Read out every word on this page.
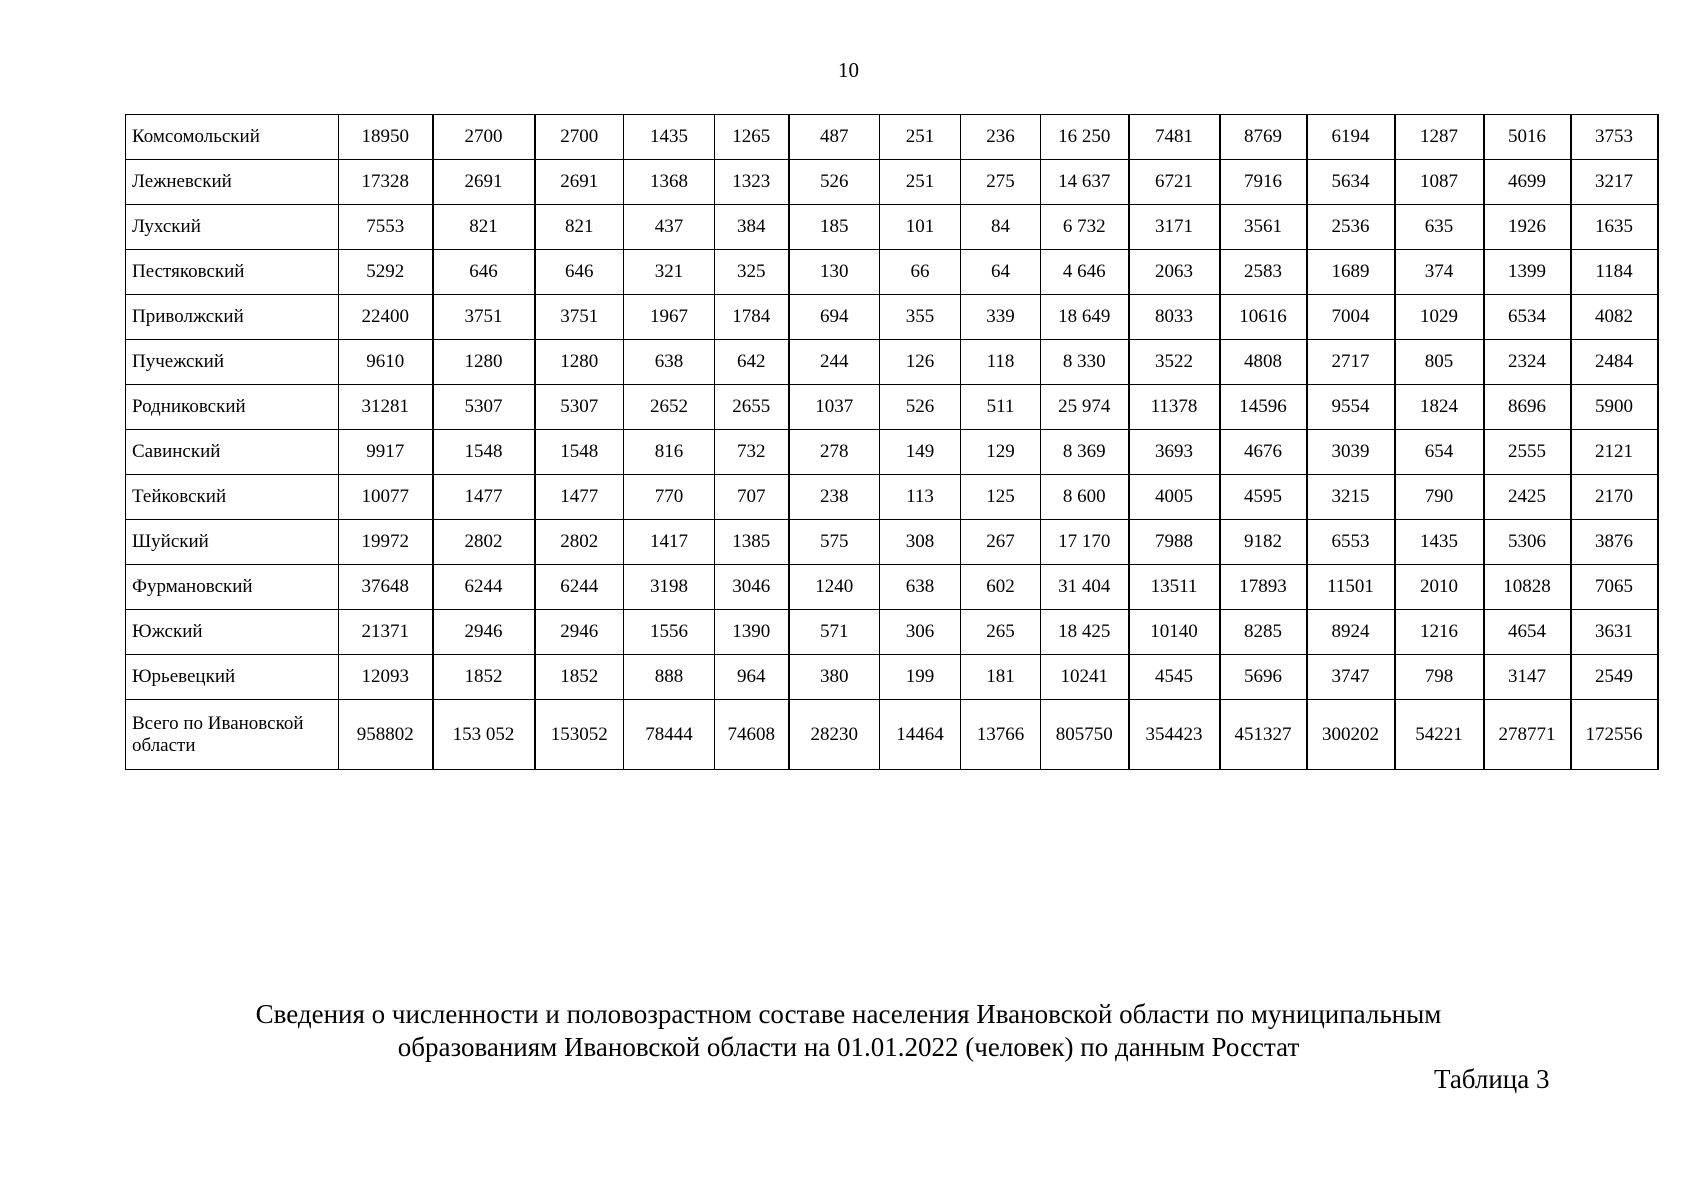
10
Комсомольский	18950	2700	2700	1435	1265	487	251	236	16 250	7481	8769	6194	1287	5016	3753
Лежневский	17328	2691	2691	1368	1323	526	251	275	14 637	6721	7916	5634	1087	4699	3217
Лухский	7553	821	821	437	384	185	101	84	6 732	3171	3561	2536	635	1926	1635
Пестяковский	5292	646	646	321	325	130	66	64	4 646	2063	2583	1689	374	1399	1184
Приволжский	22400	3751	3751	1967	1784	694	355	339	18 649	8033	10616	7004	1029	6534	4082
Пучежский	9610	1280	1280	638	642	244	126	118	8 330	3522	4808	2717	805	2324	2484
Родниковский	31281	5307	5307	2652	2655	1037	526	511	25 974	11378	14596	9554	1824	8696	5900
Савинский	9917	1548	1548	816	732	278	149	129	8 369	3693	4676	3039	654	2555	2121
Тейковский	10077	1477	1477	770	707	238	113	125	8 600	4005	4595	3215	790	2425	2170
Шуйский	19972	2802	2802	1417	1385	575	308	267	17 170	7988	9182	6553	1435	5306	3876
Фурмановский	37648	6244	6244	3198	3046	1240	638	602	31 404	13511	17893	11501	2010	10828	7065
Южский	21371	2946	2946	1556	1390	571	306	265	18 425	10140	8285	8924	1216	4654	3631
Юрьевецкий	12093	1852	1852	888	964	380	199	181	10241	4545	5696	3747	798	3147	2549
Всего по Ивановской области	958802	153 052	153052	78444	74608	28230	14464	13766	805750	354423	451327	300202	54221	278771	172556
Сведения о численности и половозрастном составе населения Ивановской области по муниципальным
образованиям Ивановской области на 01.01.2022 (человек) по данным Росстат
Таблица 3
